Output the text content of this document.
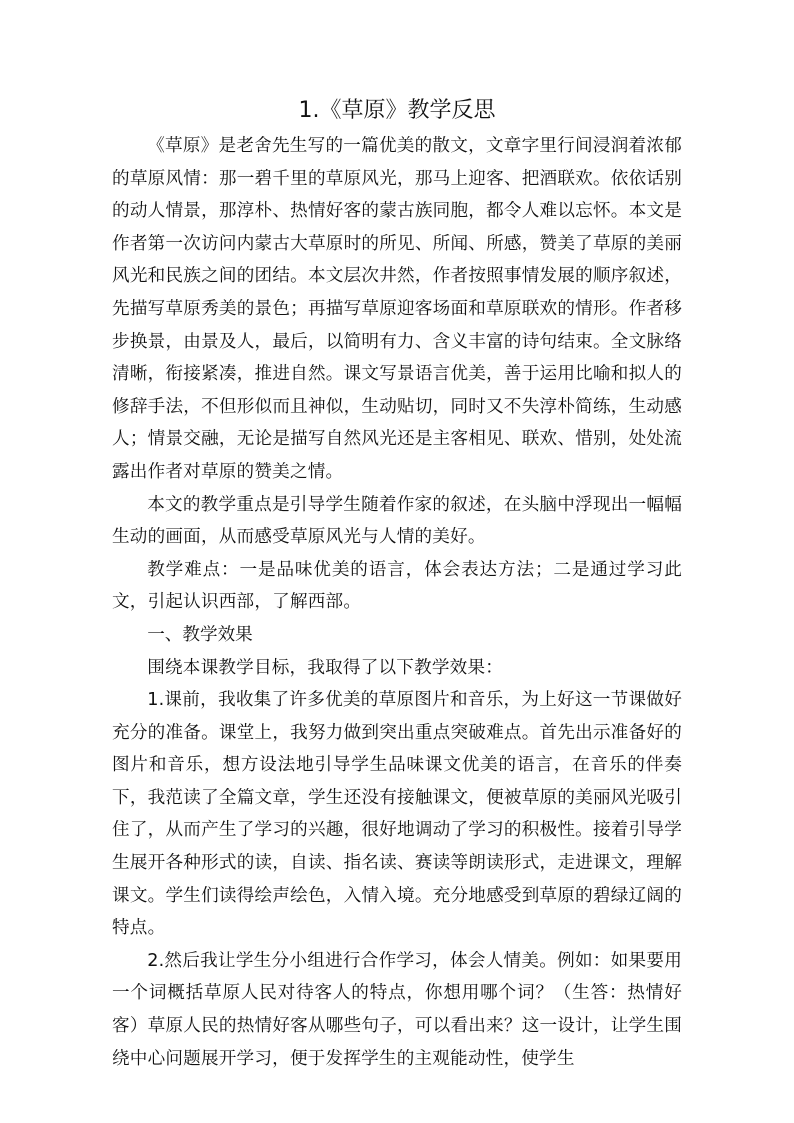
1.《草原》教学反思

《草原》是老舍先生写的一篇优美的散文，文章字里行间浸润着浓郁的草原风情：那一碧千里的草原风光，那马上迎客、把酒联欢。依依话别的动人情景，那淳朴、热情好客的蒙古族同胞，都令人难以忘怀。本文是作者第一次访问内蒙古大草原时的所见、所闻、所感，赞美了草原的美丽风光和民族之间的团结。本文层次井然，作者按照事情发展的顺序叙述，先描写草原秀美的景色；再描写草原迎客场面和草原联欢的情形。作者移步换景，由景及人，最后，以简明有力、含义丰富的诗句结束。全文脉络清晰，衔接紧凑，推进自然。课文写景语言优美，善于运用比喻和拟人的修辞手法，不但形似而且神似，生动贴切，同时又不失淳朴简练，生动感人；情景交融，无论是描写自然风光还是主客相见、联欢、惜别，处处流露出作者对草原的赞美之情。

本文的教学重点是引导学生随着作家的叙述，在头脑中浮现出一幅幅生动的画面，从而感受草原风光与人情的美好。

教学难点：一是品味优美的语言，体会表达方法；二是通过学习此文，引起认识西部，了解西部。

一、教学效果

围绕本课教学目标，我取得了以下教学效果：

1.课前，我收集了许多优美的草原图片和音乐，为上好这一节课做好充分的准备。课堂上，我努力做到突出重点突破难点。首先出示准备好的图片和音乐，想方设法地引导学生品味课文优美的语言，在音乐的伴奏下，我范读了全篇文章，学生还没有接触课文，便被草原的美丽风光吸引住了，从而产生了学习的兴趣，很好地调动了学习的积极性。接着引导学生展开各种形式的读，自读、指名读、赛读等朗读形式，走进课文，理解课文。学生们读得绘声绘色，入情入境。充分地感受到草原的碧绿辽阔的特点。

2.然后我让学生分小组进行合作学习，体会人情美。例如：如果要用一个词概括草原人民对待客人的特点，你想用哪个词？（生答：热情好客）草原人民的热情好客从哪些句子，可以看出来？这一设计，让学生围绕中心问题展开学习，便于发挥学生的主观能动性，使学生
